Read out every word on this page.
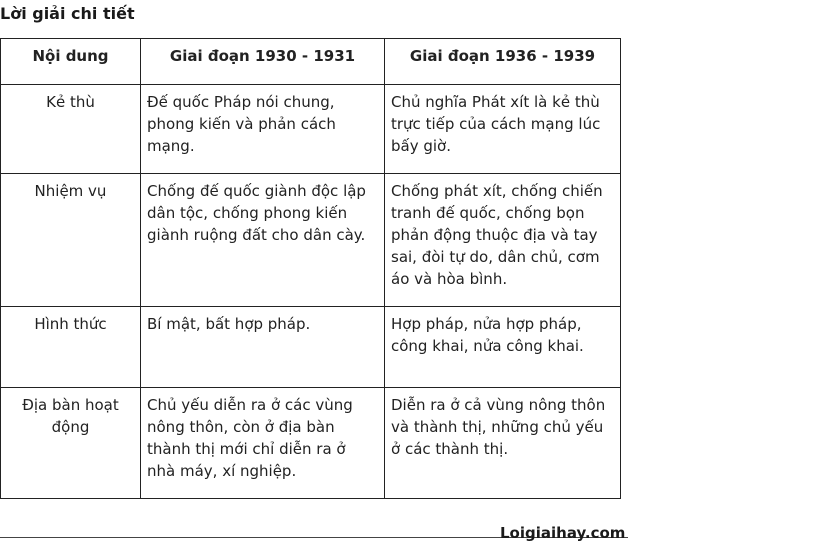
Lời giải chi tiết
Nội dung	Giai đoạn 1930 - 1931	Giai đoạn 1936 - 1939
Kẻ thù	Đế quốc Pháp nói chung, phong kiến và phản cách mạng.	Chủ nghĩa Phát xít là kẻ thù trực tiếp của cách mạng lúc bấy giờ.
Nhiệm vụ	Chống đế quốc giành độc lập dân tộc, chống phong kiến giành ruộng đất cho dân cày.	Chống phát xít, chống chiến tranh đế quốc, chống bọn phản động thuộc địa và tay sai, đòi tự do, dân chủ, cơm áo và hòa bình.
Hình thức	Bí mật, bất hợp pháp.	Hợp pháp, nửa hợp pháp, công khai, nửa công khai.
Địa bàn hoạt động	Chủ yếu diễn ra ở các vùng nông thôn, còn ở địa bàn thành thị mới chỉ diễn ra ở nhà máy, xí nghiệp.	Diễn ra ở cả vùng nông thôn và thành thị, những chủ yếu ở các thành thị.
Loigiaihay.com
